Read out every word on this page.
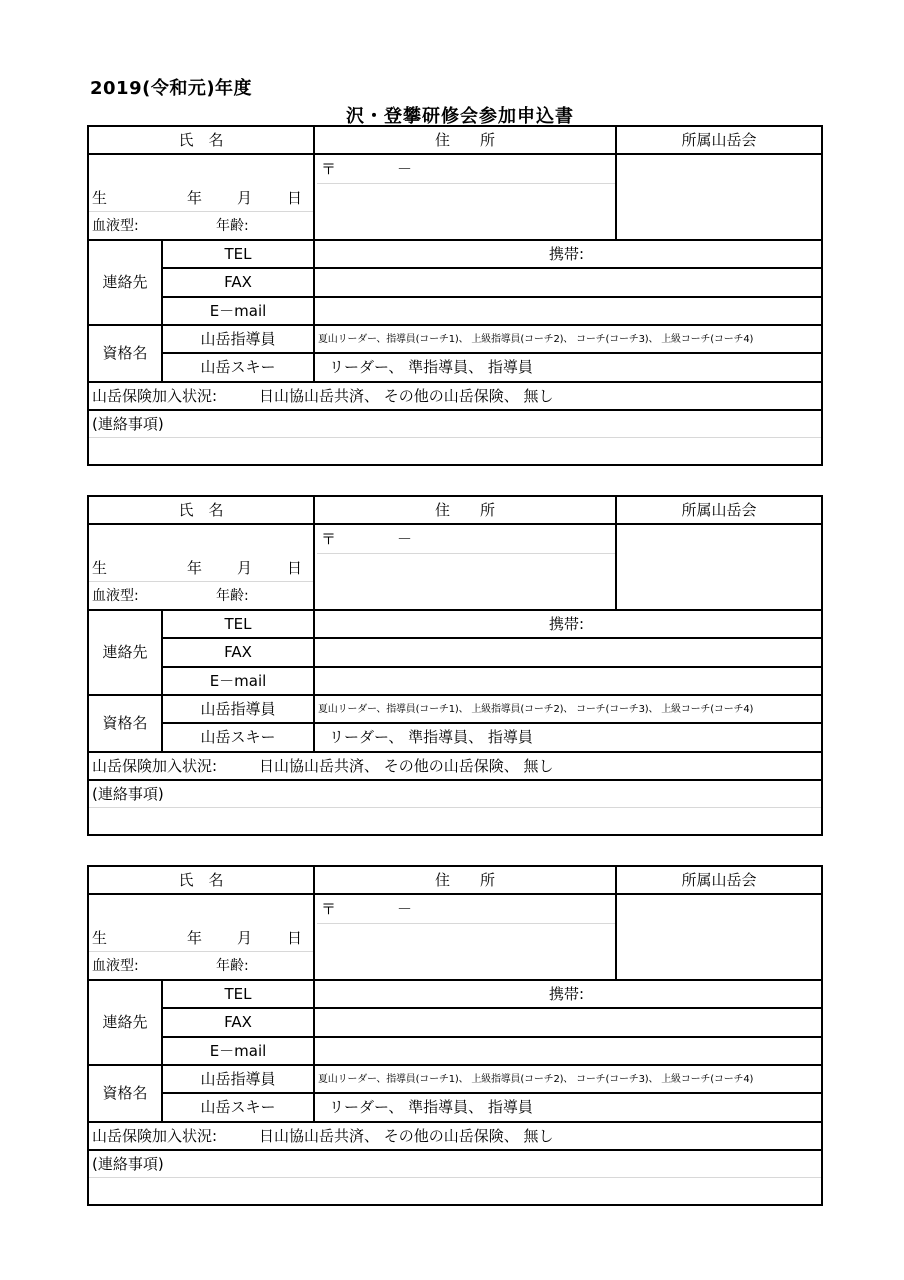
2019(令和元)年度
沢・登攀研修会参加申込書
氏　名	住　　所	所属山岳会
生	年 月 日
血液型:	年齢:
〒	－
連絡先
TEL	携帯:
FAX
E－mail
資格名
山岳指導員	夏山リーダー、指導員(コーチ1)、 上級指導員(コーチ2)、 コーチ(コーチ3)、 上級コーチ(コーチ4)
山岳スキー	リーダー、 準指導員、 指導員
山岳保険加入状況:	日山協山岳共済、 その他の山岳保険、 無し
(連絡事項)
氏　名	住　　所	所属山岳会
生	年 月 日
血液型:	年齢:
〒	－
連絡先
TEL	携帯:
FAX
E－mail
資格名
山岳指導員	夏山リーダー、指導員(コーチ1)、 上級指導員(コーチ2)、 コーチ(コーチ3)、 上級コーチ(コーチ4)
山岳スキー	リーダー、 準指導員、 指導員
山岳保険加入状況:	日山協山岳共済、 その他の山岳保険、 無し
(連絡事項)
氏　名	住　　所	所属山岳会
生	年 月 日
血液型:	年齢:
〒	－
連絡先
TEL	携帯:
FAX
E－mail
資格名
山岳指導員	夏山リーダー、指導員(コーチ1)、 上級指導員(コーチ2)、 コーチ(コーチ3)、 上級コーチ(コーチ4)
山岳スキー	リーダー、 準指導員、 指導員
山岳保険加入状況:	日山協山岳共済、 その他の山岳保険、 無し
(連絡事項)
